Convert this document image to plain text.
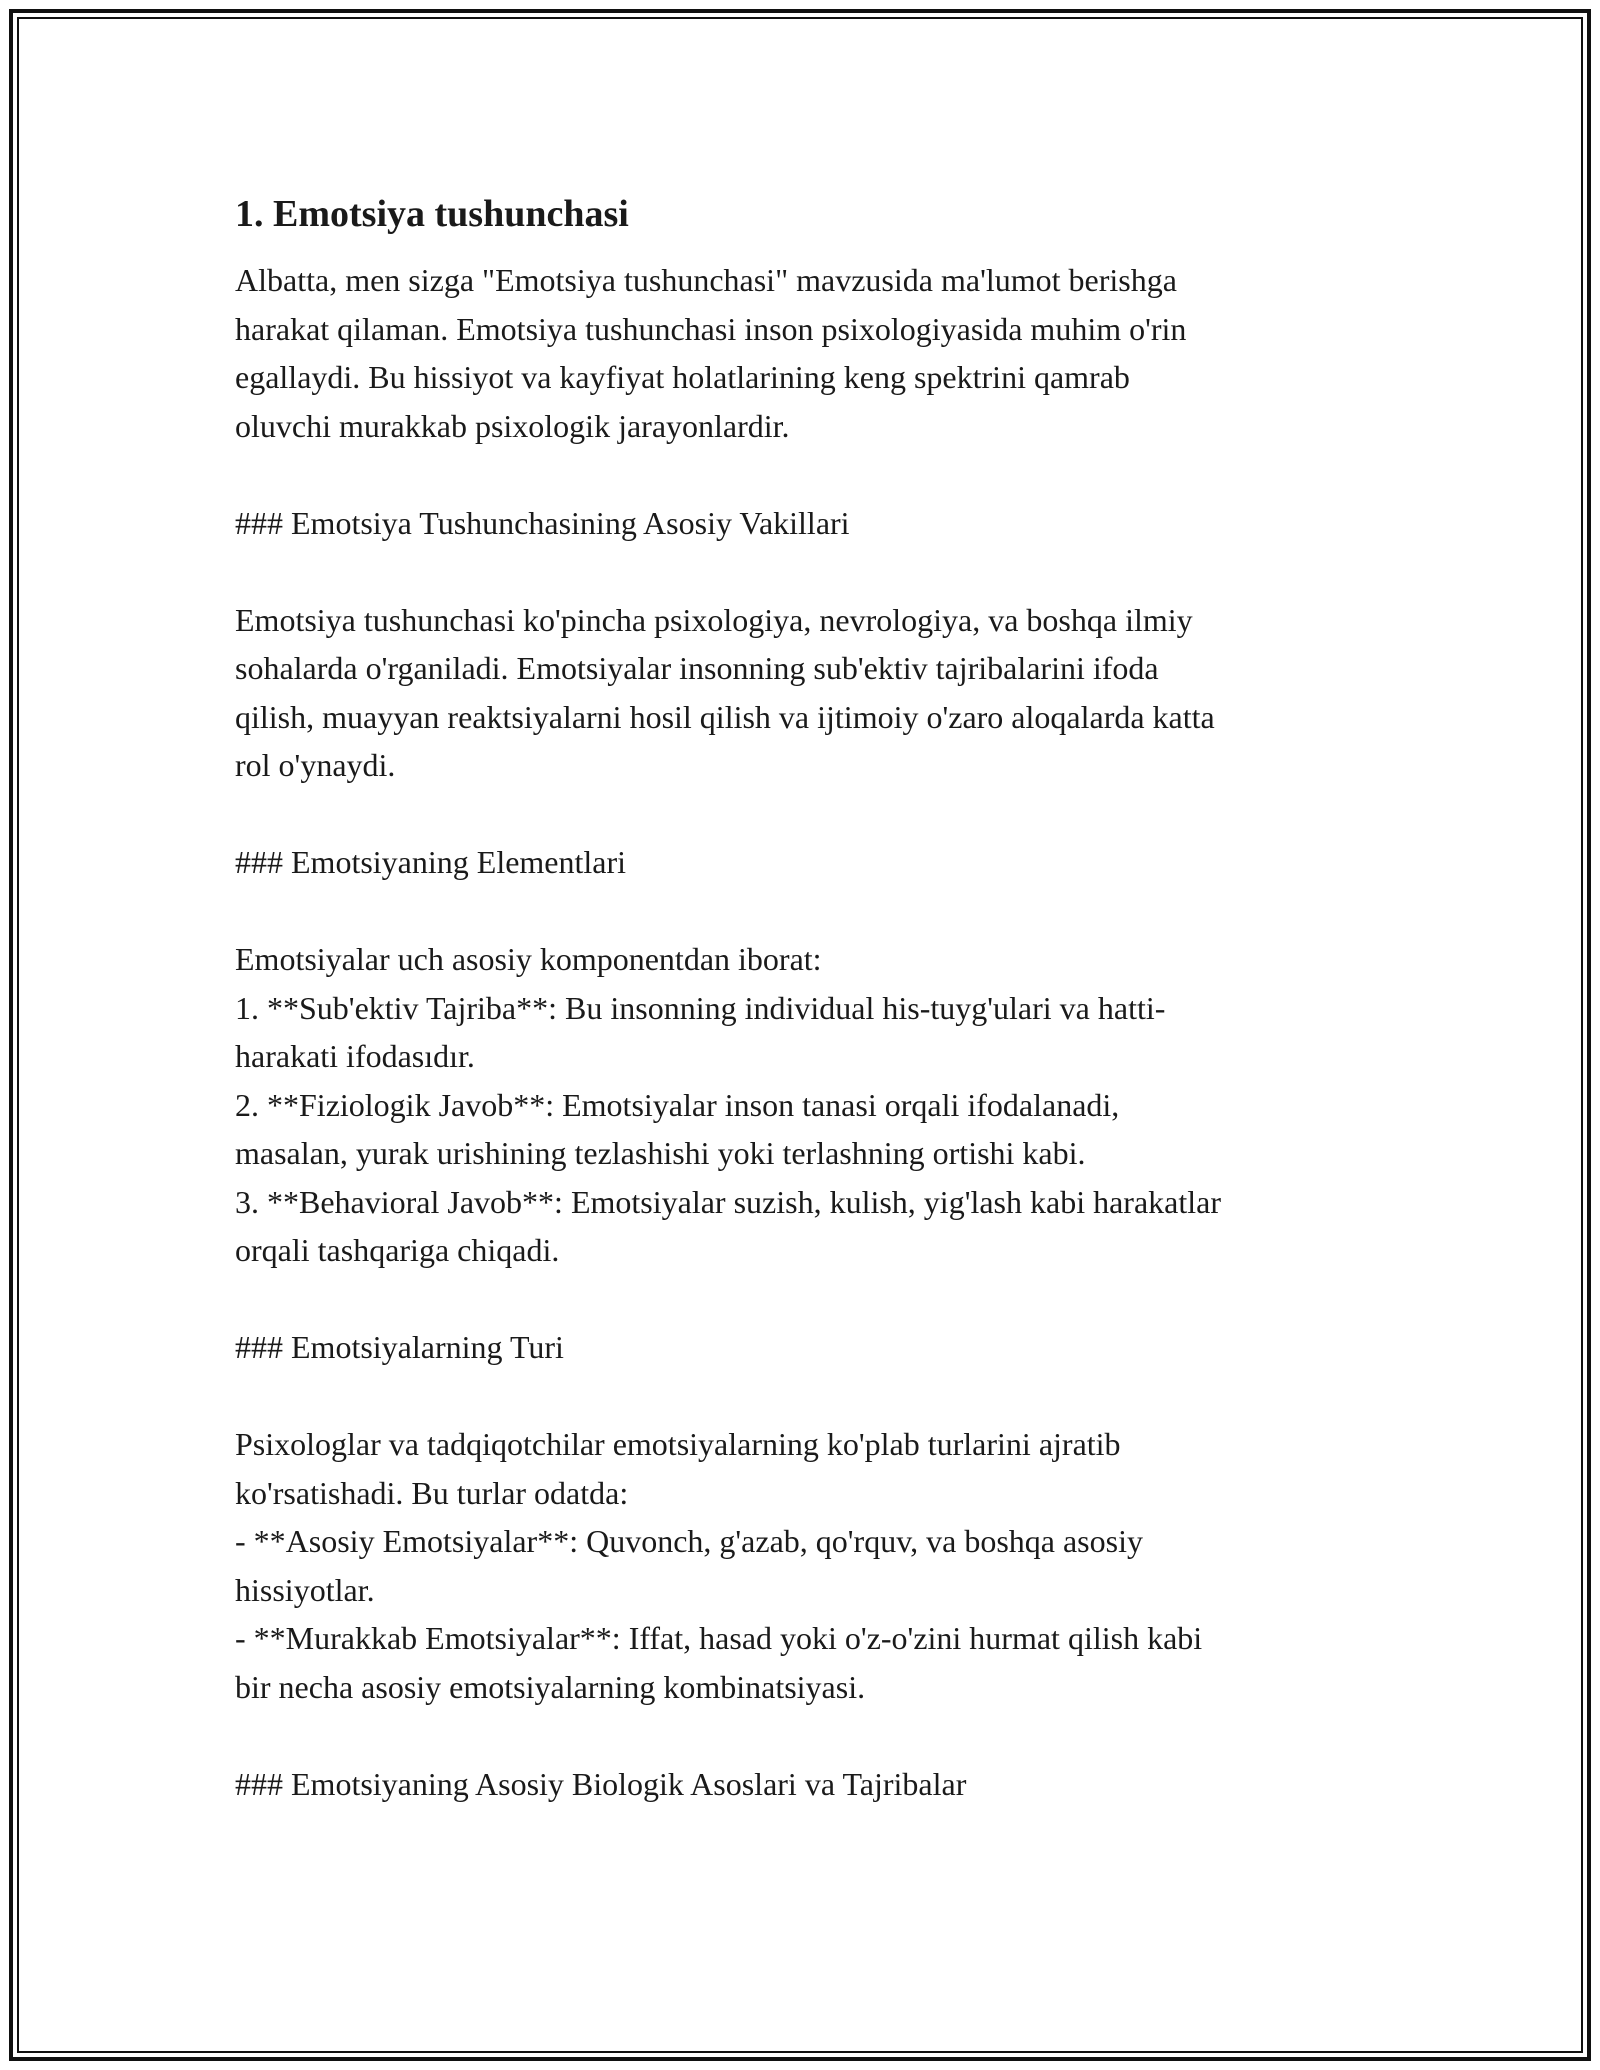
1. Emotsiya tushunchasi
Albatta, men sizga "Emotsiya tushunchasi" mavzusida ma'lumot berishga
harakat qilaman. Emotsiya tushunchasi inson psixologiyasida muhim o'rin
egallaydi. Bu hissiyot va kayfiyat holatlarining keng spektrini qamrab
oluvchi murakkab psixologik jarayonlardir.
### Emotsiya Tushunchasining Asosiy Vakillari
Emotsiya tushunchasi ko'pincha psixologiya, nevrologiya, va boshqa ilmiy
sohalarda o'rganiladi. Emotsiyalar insonning sub'ektiv tajribalarini ifoda
qilish, muayyan reaktsiyalarni hosil qilish va ijtimoiy o'zaro aloqalarda katta
rol o'ynaydi.
### Emotsiyaning Elementlari
Emotsiyalar uch asosiy komponentdan iborat:
1. **Sub'ektiv Tajriba**: Bu insonning individual his-tuyg'ulari va hatti-
harakati ifodasıdır.
2. **Fiziologik Javob**: Emotsiyalar inson tanasi orqali ifodalanadi,
masalan, yurak urishining tezlashishi yoki terlashning ortishi kabi.
3. **Behavioral Javob**: Emotsiyalar suzish, kulish, yig'lash kabi harakatlar
orqali tashqariga chiqadi.
### Emotsiyalarning Turi
Psixologlar va tadqiqotchilar emotsiyalarning ko'plab turlarini ajratib
ko'rsatishadi. Bu turlar odatda:
- **Asosiy Emotsiyalar**: Quvonch, g'azab, qo'rquv, va boshqa asosiy
hissiyotlar.
- **Murakkab Emotsiyalar**: Iffat, hasad yoki o'z-o'zini hurmat qilish kabi
bir necha asosiy emotsiyalarning kombinatsiyasi.
### Emotsiyaning Asosiy Biologik Asoslari va Tajribalar
